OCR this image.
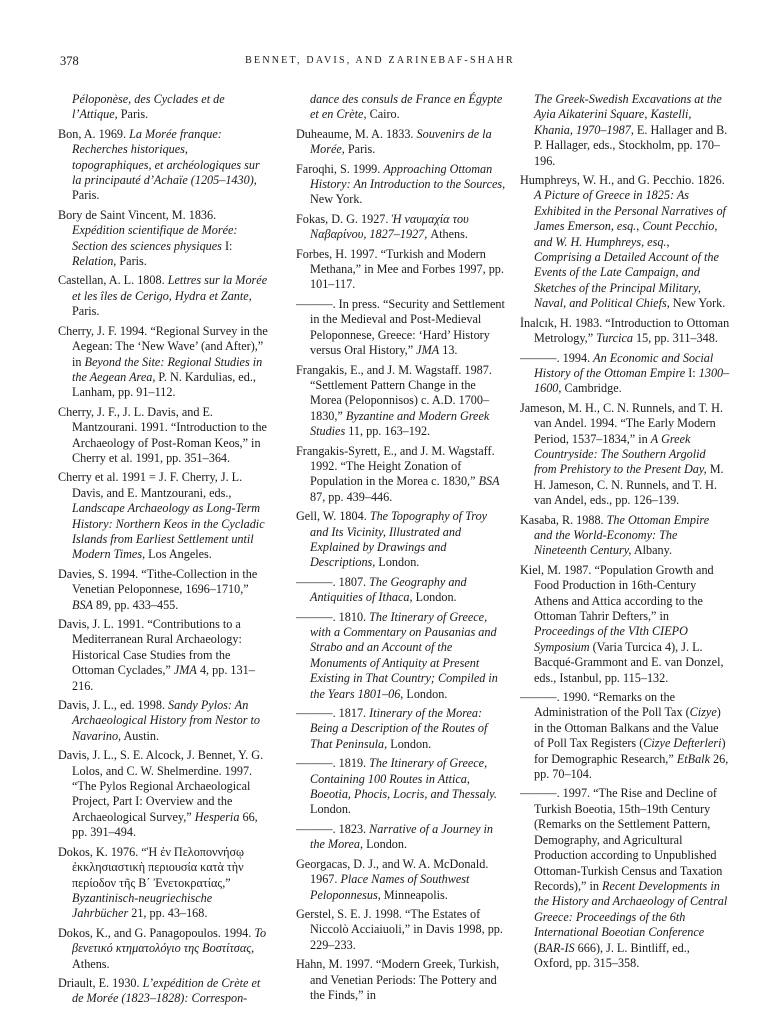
378	BENNET, DAVIS, AND ZARINEBAF-SHAHR

Péloponèse, des Cyclades et de l’Attique, Paris.

Bon, A. 1969. La Morée franque: Recherches historiques, topographiques, et archéologiques sur la principauté d’Achaïe (1205–1430), Paris.

Bory de Saint Vincent, M. 1836. Expédition scientifique de Morée: Section des sciences physiques I: Relation, Paris.

Castellan, A. L. 1808. Lettres sur la Morée et les îles de Cerigo, Hydra et Zante, Paris.

Cherry, J. F. 1994. “Regional Survey in the Aegean: The ‘New Wave’ (and After),” in Beyond the Site: Regional Studies in the Aegean Area, P. N. Kardulias, ed., Lanham, pp. 91–112.

Cherry, J. F., J. L. Davis, and E. Mantzourani. 1991. “Introduction to the Archaeology of Post-Roman Keos,” in Cherry et al. 1991, pp. 351–364.

Cherry et al. 1991 = J. F. Cherry, J. L. Davis, and E. Mantzourani, eds., Landscape Archaeology as Long-Term History: Northern Keos in the Cycladic Islands from Earliest Settlement until Modern Times, Los Angeles.

Davies, S. 1994. “Tithe-Collection in the Venetian Peloponnese, 1696–1710,” BSA 89, pp. 433–455.

Davis, J. L. 1991. “Contributions to a Mediterranean Rural Archaeology: Historical Case Studies from the Ottoman Cyclades,” JMA 4, pp. 131–216.

Davis, J. L., ed. 1998. Sandy Pylos: An Archaeological History from Nestor to Navarino, Austin.

Davis, J. L., S. E. Alcock, J. Bennet, Y. G. Lolos, and C. W. Shelmerdine. 1997. “The Pylos Regional Archaeological Project, Part I: Overview and the Archaeological Survey,” Hesperia 66, pp. 391–494.

Dokos, K. 1976. “Ἡ ἐν Πελοποννήσῳ ἐκκλησιαστικὴ περιουσία κατὰ τὴν περίοδον τῆς Β΄ Ἐνετοκρατίας,” Byzantinisch-neugriechische Jahrbücher 21, pp. 43–168.

Dokos, K., and G. Panagopoulos. 1994. Το βενετικό κτηματολόγιο της Βοστίτσας, Athens.

Driault, E. 1930. L’expédition de Crète et de Morée (1823–1828): Correspon-

dance des consuls de France en Égypte et en Crète, Cairo.

Duheaume, M. A. 1833. Souvenirs de la Morée, Paris.

Faroqhi, S. 1999. Approaching Ottoman History: An Introduction to the Sources, New York.

Fokas, D. G. 1927. Ἡ ναυμαχία του Ναβαρίνου, 1827–1927, Athens.

Forbes, H. 1997. “Turkish and Modern Methana,” in Mee and Forbes 1997, pp. 101–117.

———. In press. “Security and Settlement in the Medieval and Post-Medieval Peloponnese, Greece: ‘Hard’ History versus Oral History,” JMA 13.

Frangakis, E., and J. M. Wagstaff. 1987. “Settlement Pattern Change in the Morea (Peloponnisos) c. A.D. 1700–1830,” Byzantine and Modern Greek Studies 11, pp. 163–192.

Frangakis-Syrett, E., and J. M. Wagstaff. 1992. “The Height Zonation of Population in the Morea c. 1830,” BSA 87, pp. 439–446.

Gell, W. 1804. The Topography of Troy and Its Vicinity, Illustrated and Explained by Drawings and Descriptions, London.

———. 1807. The Geography and Antiquities of Ithaca, London.

———. 1810. The Itinerary of Greece, with a Commentary on Pausanias and Strabo and an Account of the Monuments of Antiquity at Present Existing in That Country; Compiled in the Years 1801–06, London.

———. 1817. Itinerary of the Morea: Being a Description of the Routes of That Peninsula, London.

———. 1819. The Itinerary of Greece, Containing 100 Routes in Attica, Boeotia, Phocis, Locris, and Thessaly. London.

———. 1823. Narrative of a Journey in the Morea, London.

Georgacas, D. J., and W. A. McDonald. 1967. Place Names of Southwest Peloponnesus, Minneapolis.

Gerstel, S. E. J. 1998. “The Estates of Niccolò Acciaiuoli,” in Davis 1998, pp. 229–233.

Hahn, M. 1997. “Modern Greek, Turkish, and Venetian Periods: The Pottery and the Finds,” in

The Greek-Swedish Excavations at the Ayia Aikaterini Square, Kastelli, Khania, 1970–1987, E. Hallager and B. P. Hallager, eds., Stockholm, pp. 170–196.

Humphreys, W. H., and G. Pecchio. 1826. A Picture of Greece in 1825: As Exhibited in the Personal Narratives of James Emerson, esq., Count Pecchio, and W. H. Humphreys, esq., Comprising a Detailed Account of the Events of the Late Campaign, and Sketches of the Principal Military, Naval, and Political Chiefs, New York.

İnalcık, H. 1983. “Introduction to Ottoman Metrology,” Turcica 15, pp. 311–348.

———. 1994. An Economic and Social History of the Ottoman Empire I: 1300–1600, Cambridge.

Jameson, M. H., C. N. Runnels, and T. H. van Andel. 1994. “The Early Modern Period, 1537–1834,” in A Greek Countryside: The Southern Argolid from Prehistory to the Present Day, M. H. Jameson, C. N. Runnels, and T. H. van Andel, eds., pp. 126–139.

Kasaba, R. 1988. The Ottoman Empire and the World-Economy: The Nineteenth Century, Albany.

Kiel, M. 1987. “Population Growth and Food Production in 16th-Century Athens and Attica according to the Ottoman Tahrir Defters,” in Proceedings of the VIth CIEPO Symposium (Varia Turcica 4), J. L. Bacqué-Grammont and E. van Donzel, eds., Istanbul, pp. 115–132.

———. 1990. “Remarks on the Administration of the Poll Tax (Cizye) in the Ottoman Balkans and the Value of Poll Tax Registers (Cizye Defterleri) for Demographic Research,” EtBalk 26, pp. 70–104.

———. 1997. “The Rise and Decline of Turkish Boeotia, 15th–19th Century (Remarks on the Settlement Pattern, Demography, and Agricultural Production according to Unpublished Ottoman-Turkish Census and Taxation Records),” in Recent Developments in the History and Archaeology of Central Greece: Proceedings of the 6th International Boeotian Conference (BAR-IS 666), J. L. Bintliff, ed., Oxford, pp. 315–358.
